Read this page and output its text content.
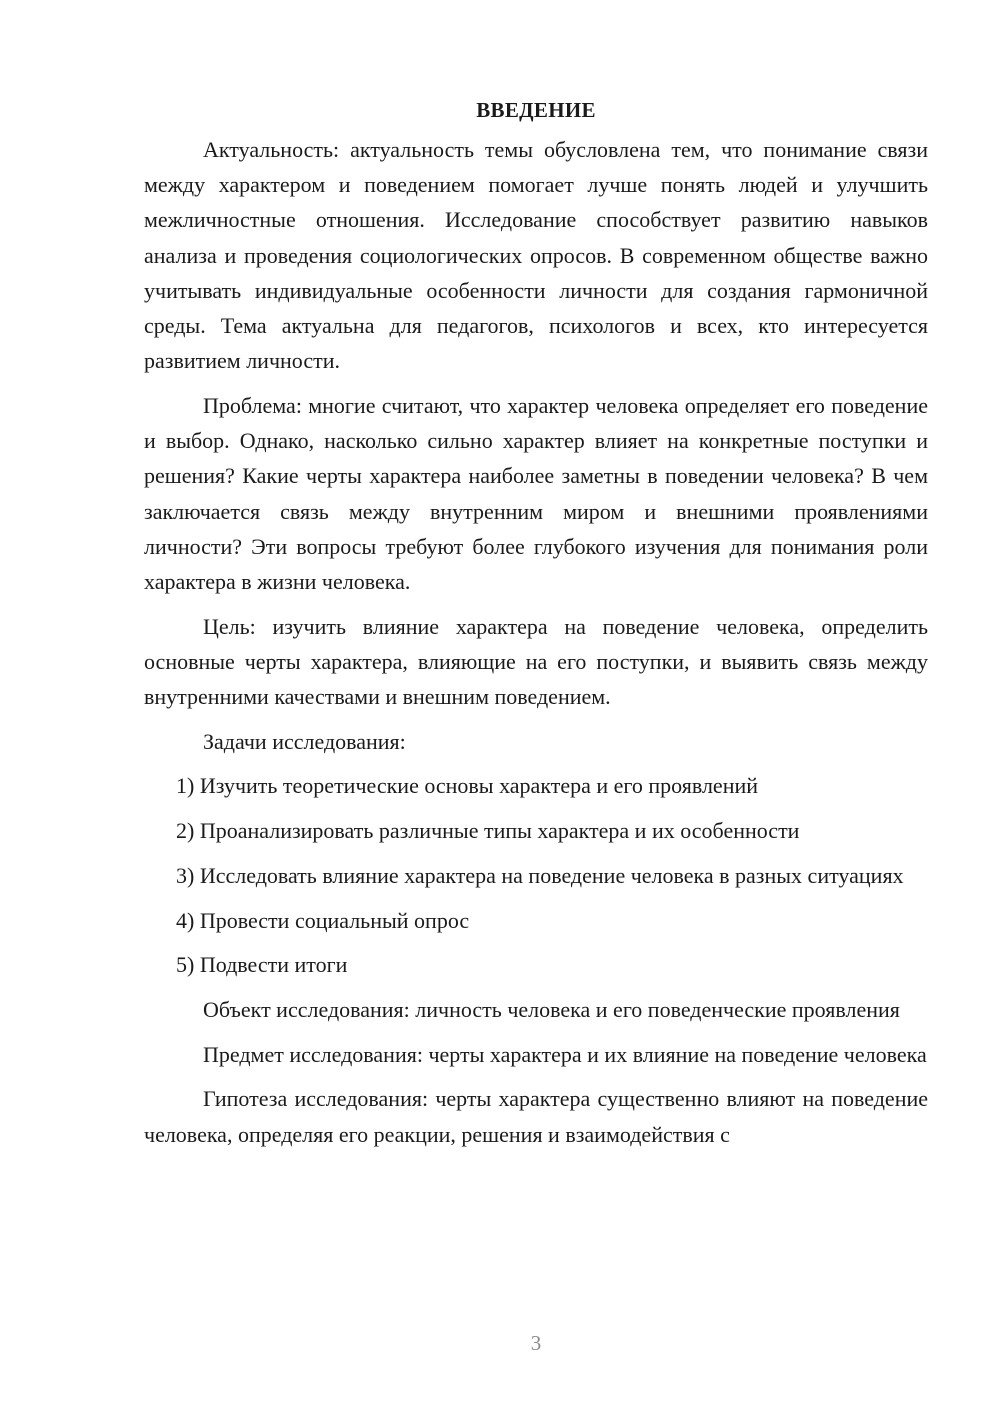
ВВЕДЕНИЕ

Актуальность: актуальность темы обусловлена тем, что понимание связи между характером и поведением помогает лучше понять людей и улучшить межличностные отношения. Исследование способствует развитию навыков анализа и проведения социологических опросов. В современном обществе важно учитывать индивидуальные особенности личности для создания гармоничной среды. Тема актуальна для педагогов, психологов и всех, кто интересуется развитием личности.

Проблема: многие считают, что характер человека определяет его поведение и выбор. Однако, насколько сильно характер влияет на конкретные поступки и решения? Какие черты характера наиболее заметны в поведении человека? В чем заключается связь между внутренним миром и внешними проявлениями личности? Эти вопросы требуют более глубокого изучения для понимания роли характера в жизни человека.

Цель: изучить влияние характера на поведение человека, определить основные черты характера, влияющие на его поступки, и выявить связь между внутренними качествами и внешним поведением.

Задачи исследования:

1) Изучить теоретические основы характера и его проявлений

2) Проанализировать различные типы характера и их особенности

3) Исследовать влияние характера на поведение человека в разных ситуациях

4) Провести социальный опрос

5) Подвести итоги

Объект исследования: личность человека и его поведенческие проявления

Предмет исследования: черты характера и их влияние на поведение человека

Гипотеза исследования: черты характера существенно влияют на поведение человека, определяя его реакции, решения и взаимодействия с

3
